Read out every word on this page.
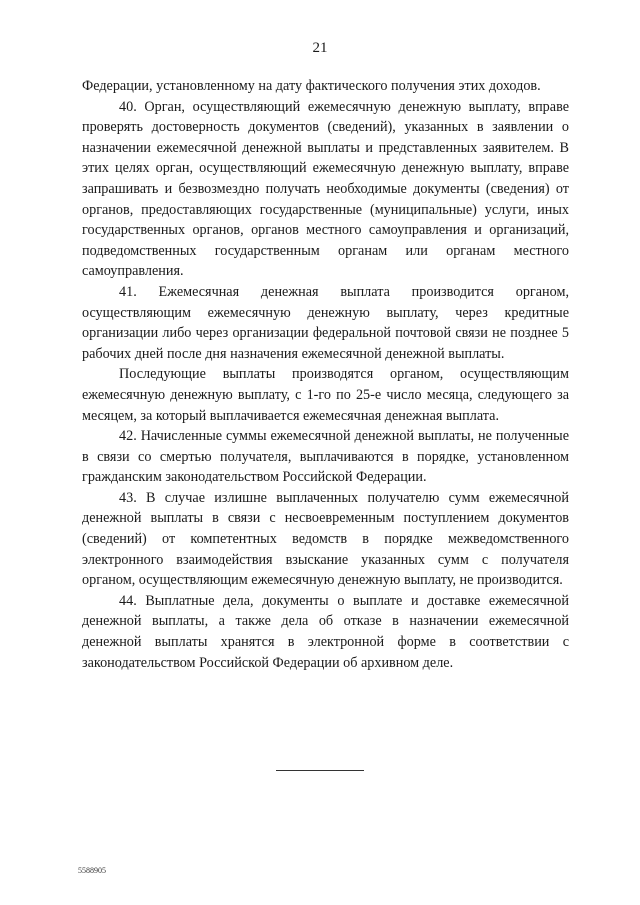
21

Федерации, установленному на дату фактического получения этих доходов.

40. Орган, осуществляющий ежемесячную денежную выплату, вправе проверять достоверность документов (сведений), указанных в заявлении о назначении ежемесячной денежной выплаты и представленных заявителем. В этих целях орган, осуществляющий ежемесячную денежную выплату, вправе запрашивать и безвозмездно получать необходимые документы (сведения) от органов, предоставляющих государственные (муниципальные) услуги, иных государственных органов, органов местного самоуправления и организаций, подведомственных государственным органам или органам местного самоуправления.

41. Ежемесячная денежная выплата производится органом, осуществляющим ежемесячную денежную выплату, через кредитные организации либо через организации федеральной почтовой связи не позднее 5 рабочих дней после дня назначения ежемесячной денежной выплаты.

Последующие выплаты производятся органом, осуществляющим ежемесячную денежную выплату, с 1-го по 25-е число месяца, следующего за месяцем, за который выплачивается ежемесячная денежная выплата.

42. Начисленные суммы ежемесячной денежной выплаты, не полученные в связи со смертью получателя, выплачиваются в порядке, установленном гражданским законодательством Российской Федерации.

43. В случае излишне выплаченных получателю сумм ежемесячной денежной выплаты в связи с несвоевременным поступлением документов (сведений) от компетентных ведомств в порядке межведомственного электронного взаимодействия взыскание указанных сумм с получателя органом, осуществляющим ежемесячную денежную выплату, не производится.

44. Выплатные дела, документы о выплате и доставке ежемесячной денежной выплаты, а также дела об отказе в назначении ежемесячной денежной выплаты хранятся в электронной форме в соответствии с законодательством Российской Федерации об архивном деле.

5588905
